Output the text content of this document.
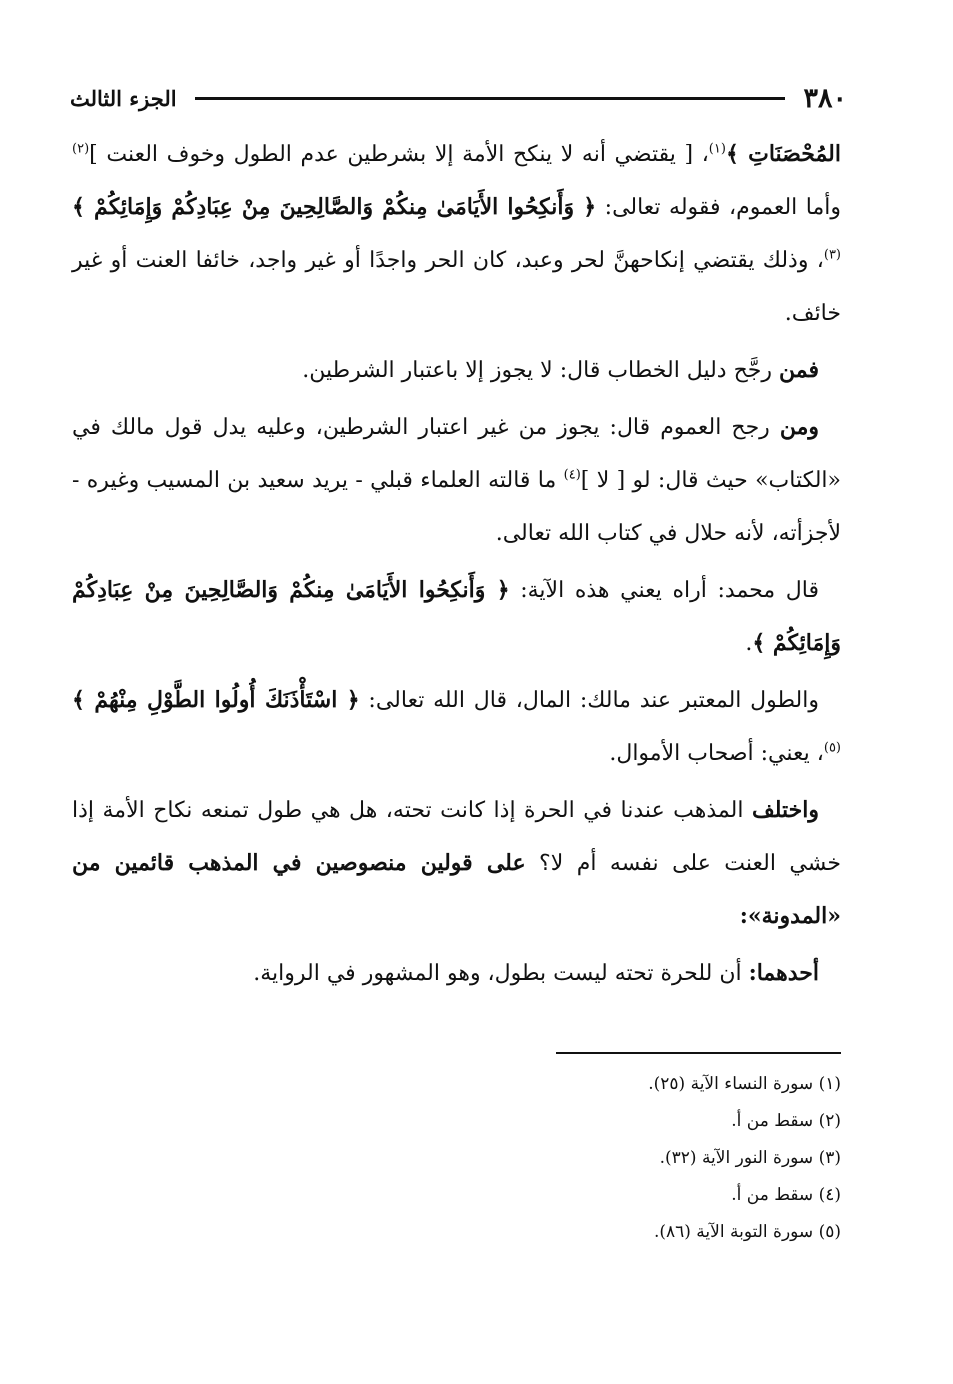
٣٨٠
الجزء الثالث

المُحْصَنَاتِ ﴾$^{(١)}$، [ يقتضي أنه لا ينكح الأمة إلا بشرطين عدم الطول وخوف العنت ]$^{(٢)}$ وأما العموم، فقوله تعالى: ﴿ وَأَنكِحُوا الأَيَامَىٰ مِنكُمْ وَالصَّالِحِينَ مِنْ عِبَادِكُمْ وَإِمَائِكُمْ ﴾$^{(٣)}$، وذلك يقتضي إنكاحهنَّ لحر وعبد، كان الحر واجدًا أو غير واجد، خائفا العنت أو غير خائف.

فمن رجَّح دليل الخطاب قال: لا يجوز إلا باعتبار الشرطين.

ومن رجح العموم قال: يجوز من غير اعتبار الشرطين، وعليه يدل قول مالك في «الكتاب» حيث قال: لو [ لا ]$^{(٤)}$ ما قالته العلماء قبلي - يريد سعيد بن المسيب وغيره - لأجزأته، لأنه حلال في كتاب الله تعالى.

قال محمد: أراه يعني هذه الآية: ﴿ وَأَنكِحُوا الأَيَامَىٰ مِنكُمْ وَالصَّالِحِينَ مِنْ عِبَادِكُمْ وَإِمَائِكُمْ ﴾.

والطول المعتبر عند مالك: المال، قال الله تعالى: ﴿ اسْتَأْذَنَكَ أُولُوا الطَّوْلِ مِنْهُمْ ﴾$^{(٥)}$، يعني: أصحاب الأموال.

واختلف المذهب عندنا في الحرة إذا كانت تحته، هل هي طول تمنعه نكاح الأمة إذا خشي العنت على نفسه أم لا؟ على قولين منصوصين في المذهب قائمين من «المدونة»:

أحدهما: أن للحرة تحته ليست بطول، وهو المشهور في الرواية.

(١) سورة النساء الآية (٢٥).
(٢) سقط من أ.
(٣) سورة النور الآية (٣٢).
(٤) سقط من أ.
(٥) سورة التوبة الآية (٨٦).
